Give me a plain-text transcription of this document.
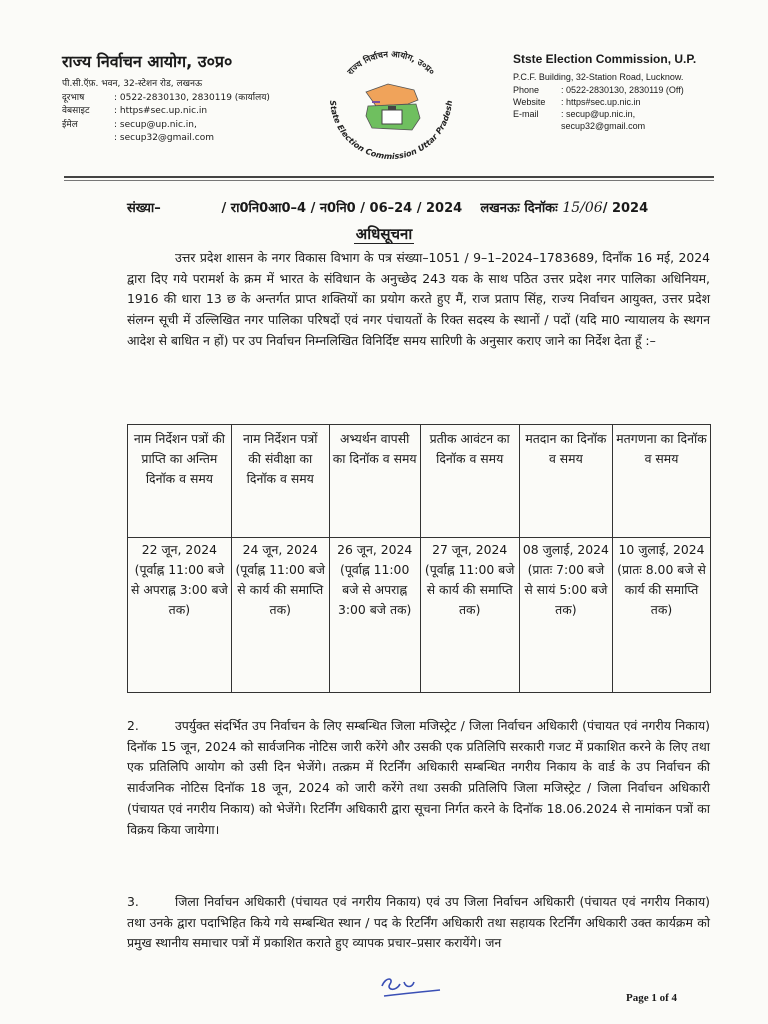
राज्य निर्वाचन आयोग, उ०प्र०
पी.सी.ऍफ़. भवन, 32-स्टेशन रोड, लखनऊ
दूरभाष	: 0522-2830130, 2830119 (कार्यालय)
वेबसाइट	: https#sec.up.nic.in
ईमेल	: secup@up.nic.in,
: secup32@gmail.com
राज्य निर्वाचन आयोग, उ०प्र०
State Election Commission Uttar Pradesh
Stste Election Commission, U.P.
P.C.F. Building, 32-Station Road, Lucknow.
Phone	: 0522-2830130, 2830119 (Off)
Website	: https#sec.up.nic.in
E-mail	: secup@up.nic.in,
secup32@gmail.com
संख्या–	/ रा0नि0आ0–4 / न0नि0 / 06–24 / 2024 लखनऊः दिनॉकः 15/06/ 2024
अधिसूचना
उत्तर प्रदेश शासन के नगर विकास विभाग के पत्र संख्या–1051 / 9–1–2024–1783689, दिनाँक 16 मई, 2024 द्वारा दिए गये परामर्श के क्रम में भारत के संविधान के अनुच्छेद 243 यक के साथ पठित उत्तर प्रदेश नगर पालिका अधिनियम, 1916 की धारा 13 छ के अन्तर्गत प्राप्त शक्तियों का प्रयोग करते हुए मैं, राज प्रताप सिंह, राज्य निर्वाचन आयुक्त, उत्तर प्रदेश संलग्न सूची में उल्लिखित नगर पालिका परिषदों एवं नगर पंचायतों के रिक्त सदस्य के स्थानों / पदों (यदि मा0 न्यायालय के स्थगन आदेश से बाधित न हों) पर उप निर्वाचन निम्नलिखित विनिर्दिष्ट समय सारिणी के अनुसार कराए जाने का निर्देश देता हूँ :–
नाम निर्देशन पत्रों की प्राप्ति का अन्तिम दिनॉक व समय	नाम निर्देशन पत्रों की संवीक्षा का दिनॉक व समय	अभ्यर्थन वापसी का दिनॉक व समय	प्रतीक आवंटन का दिनॉक व समय	मतदान का दिनॉक व समय	मतगणना का दिनॉक व समय
22 जून, 2024 (पूर्वाह्न 11:00 बजे से अपराह्न 3:00 बजे तक)	24 जून, 2024 (पूर्वाह्न 11:00 बजे से कार्य की समाप्ति तक)	26 जून, 2024 (पूर्वाह्न 11:00 बजे से अपराह्न 3:00 बजे तक)	27 जून, 2024 (पूर्वाह्न 11:00 बजे से कार्य की समाप्ति तक)	08 जुलाई, 2024 (प्रातः 7:00 बजे से सायं 5:00 बजे तक)	10 जुलाई, 2024 (प्रातः 8.00 बजे से कार्य की समाप्ति तक)
2.	उपर्युक्त संदर्भित उप निर्वाचन के लिए सम्बन्धित जिला मजिस्ट्रेट / जिला निर्वाचन अधिकारी (पंचायत एवं नगरीय निकाय) दिनॉक 15 जून, 2024 को सार्वजनिक नोटिस जारी करेंगे और उसकी एक प्रतिलिपि सरकारी गजट में प्रकाशित करने के लिए तथा एक प्रतिलिपि आयोग को उसी दिन भेजेंगे। तत्क्रम में रिटर्निंग अधिकारी सम्बन्धित नगरीय निकाय के वार्ड के उप निर्वाचन की सार्वजनिक नोटिस दिनॉक 18 जून, 2024 को जारी करेंगे तथा उसकी प्रतिलिपि जिला मजिस्ट्रेट / जिला निर्वाचन अधिकारी (पंचायत एवं नगरीय निकाय) को भेजेंगे। रिटर्निंग अधिकारी द्वारा सूचना निर्गत करने के दिनॉक 18.06.2024 से नामांकन पत्रों का विक्रय किया जायेगा।
3.	जिला निर्वाचन अधिकारी (पंचायत एवं नगरीय निकाय) एवं उप जिला निर्वाचन अधिकारी (पंचायत एवं नगरीय निकाय) तथा उनके द्वारा पदाभिहित किये गये सम्बन्धित स्थान / पद के रिटर्निंग अधिकारी तथा सहायक रिटर्निंग अधिकारी उक्त कार्यक्रम को प्रमुख स्थानीय समाचार पत्रों में प्रकाशित कराते हुए व्यापक प्रचार–प्रसार करायेंगे। जन
Page 1 of 4
